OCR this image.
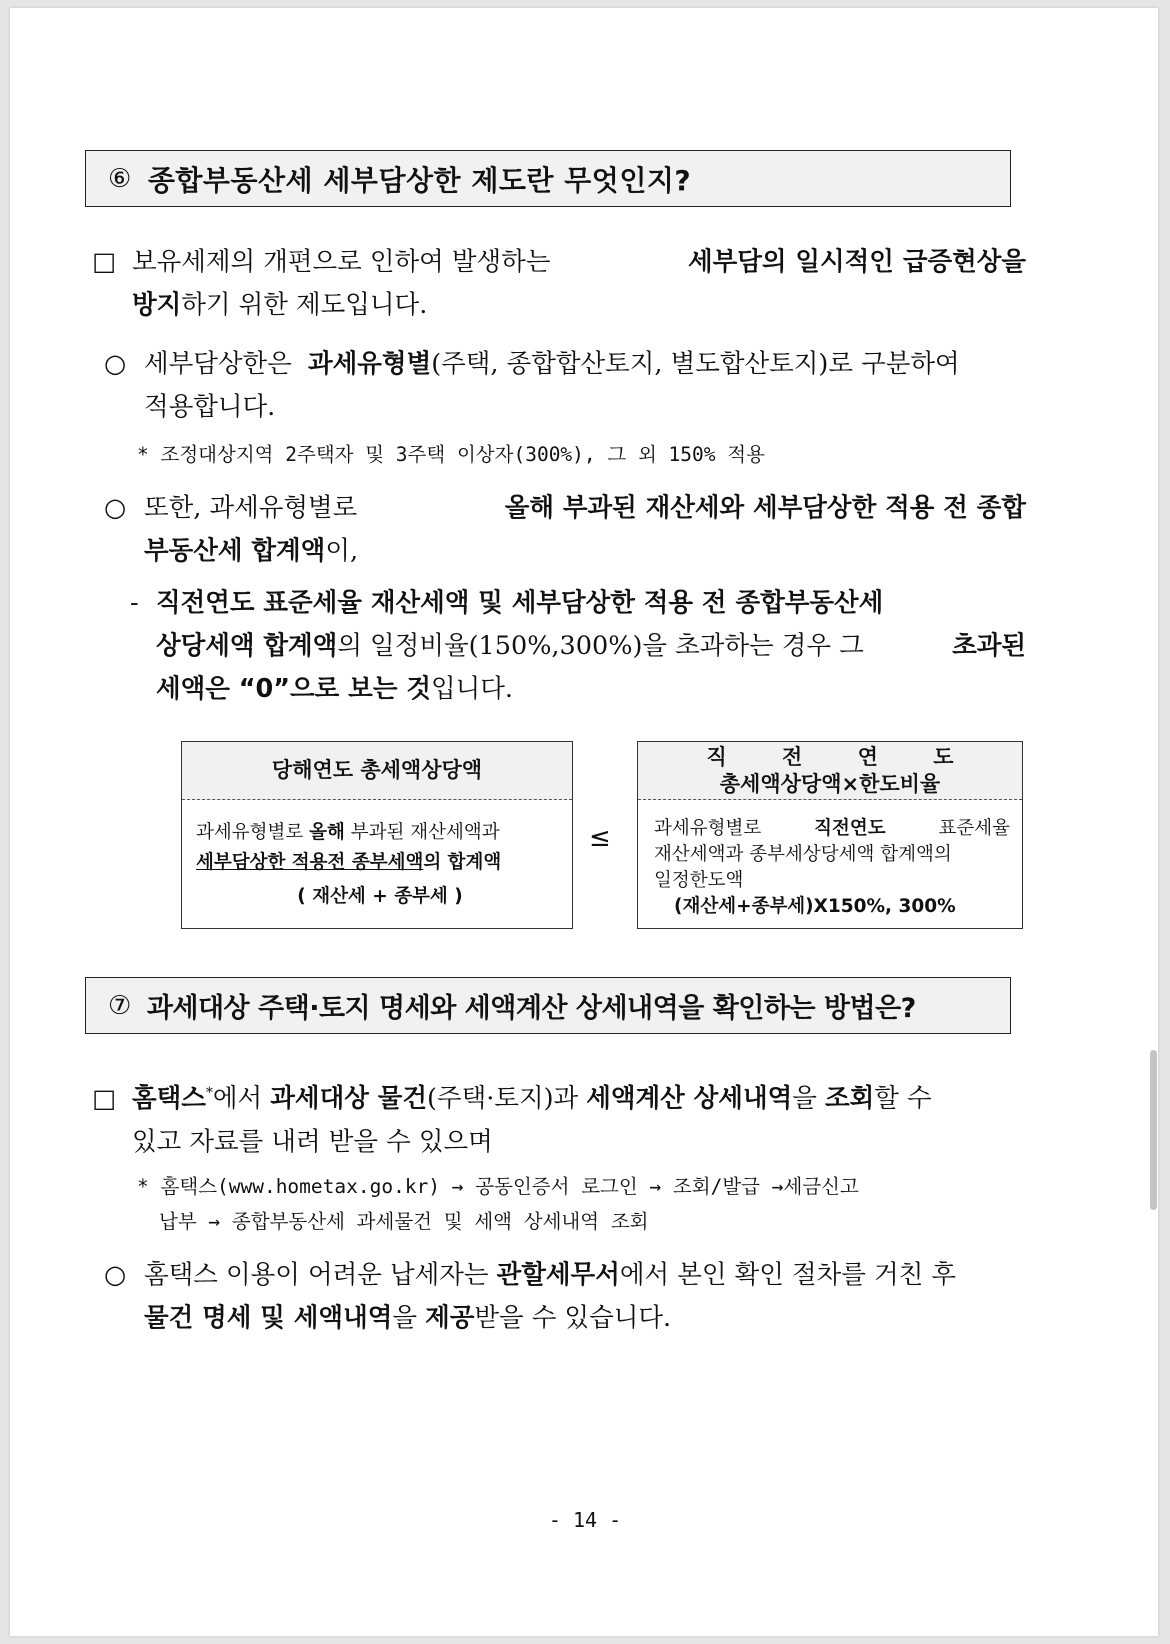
⑥ 종합부동산세 세부담상한 제도란 무엇인지?
□ 보유세제의 개편으로 인하여 발생하는	세부담의 일시적인 급증현상을
방지 하기 위한 제도입니다.
○ 세부담상한은 과세유형별(주택, 종합합산토지, 별도합산토지)로 구분하여
적용합니다.
* 조정대상지역 2주택자 및 3주택 이상자(300%), 그 외 150% 적용
○ 또한, 과세유형별로	올해 부과된 재산세와 세부담상한 적용 전 종합
부동산세 합계액 이,
- 직전연도 표준세율 재산세액 및 세부담상한 적용 전 종합부동산세
상당세액 합계액의 일정비율(150%,300%)을 초과하는 경우 그	초과된
세액은 “0”으로 보는 것 입니다.
당해연도 총세액상당액
과세유형별로 올해 부과된 재산세액과
세부담상한 적용전 종부세액의 합계액
( 재산세 + 종부세 )
≤
직 전 연 도
총세액상당액×한도비율
과세유형별로	직전연도	표준세율
재산세액과 종부세상당세액 합계액의
일정한도액
(재산세+종부세)X150%, 300%
⑦ 과세대상 주택·토지 명세와 세액계산 상세내역을 확인하는 방법은?
□ 홈택스*에서 과세대상 물건(주택·토지)과 세액계산 상세내역을 조회할 수
있고 자료를 내려 받을 수 있으며
* 홈택스(www.hometax.go.kr) → 공동인증서 로그인 → 조회/발급 →세금신고
납부 → 종합부동산세 과세물건 및 세액 상세내역 조회
○ 홈택스 이용이 어려운 납세자는 관할세무서에서 본인 확인 절차를 거친 후
물건 명세 및 세액내역 을
제공 받을 수 있습니다.
- 14 -
